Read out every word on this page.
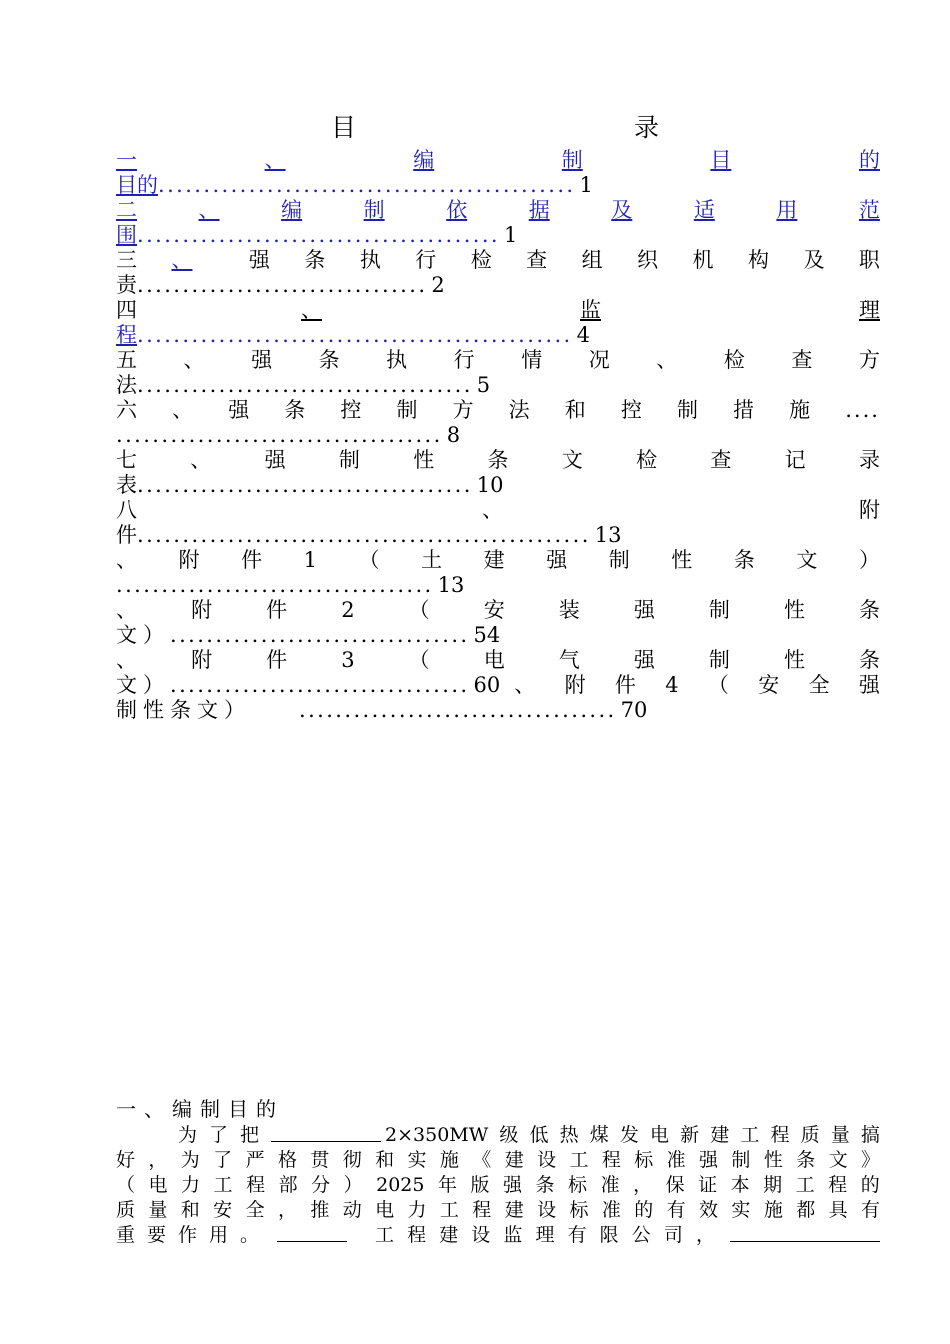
目 录
一	、	编	制	目	的
目的.............................................. 1
二	、	编	制	依	据	及	适	用	范
围........................................ 1
三 、	强 条 执 行 检 查 组 织 机 构 及 职
责................................ 2
四	、	监	理
程................................................ 4
五 、 强 条 执 行 情 况 、 检 查 方
法..................................... 5
六 、 强 条 控 制 方 法 和 控 制 措 施 ....
.................................... 8
七	、	强	制	性	条	文	检	查	记	录
表..................................... 10
八	、	附
件.................................................. 13
、 附 件 1 （ 土 建 强 制 性 条 文 ）
................................... 13
、	附	件	2	（	安	装	强	制	性	条
文）................................. 54
、	附	件	3	（	电	气	强	制	性	条
文） ................................. 60 、 附 件 4 （ 安 全 强
制性条文） ................................... 70
一、编制目的
为了把	2×350MW 级 低 热 煤 发 电 新 建 工 程 质 量 搞
好 ， 为 了 严 格 贯 彻 和 实 施 《 建 设 工 程 标 准 强 制 性 条 文 》
（ 电 力 工 程 部 分 ） 2025 年 版 强 条 标 准 ， 保 证 本 期 工 程 的
质 量 和 安 全 ， 推 动 电 力 工 程 建 设 标 准 的 有 效 实 施 都 具 有
重要作用。	工 程 建 设 监 理 有 限 公 司 ，
